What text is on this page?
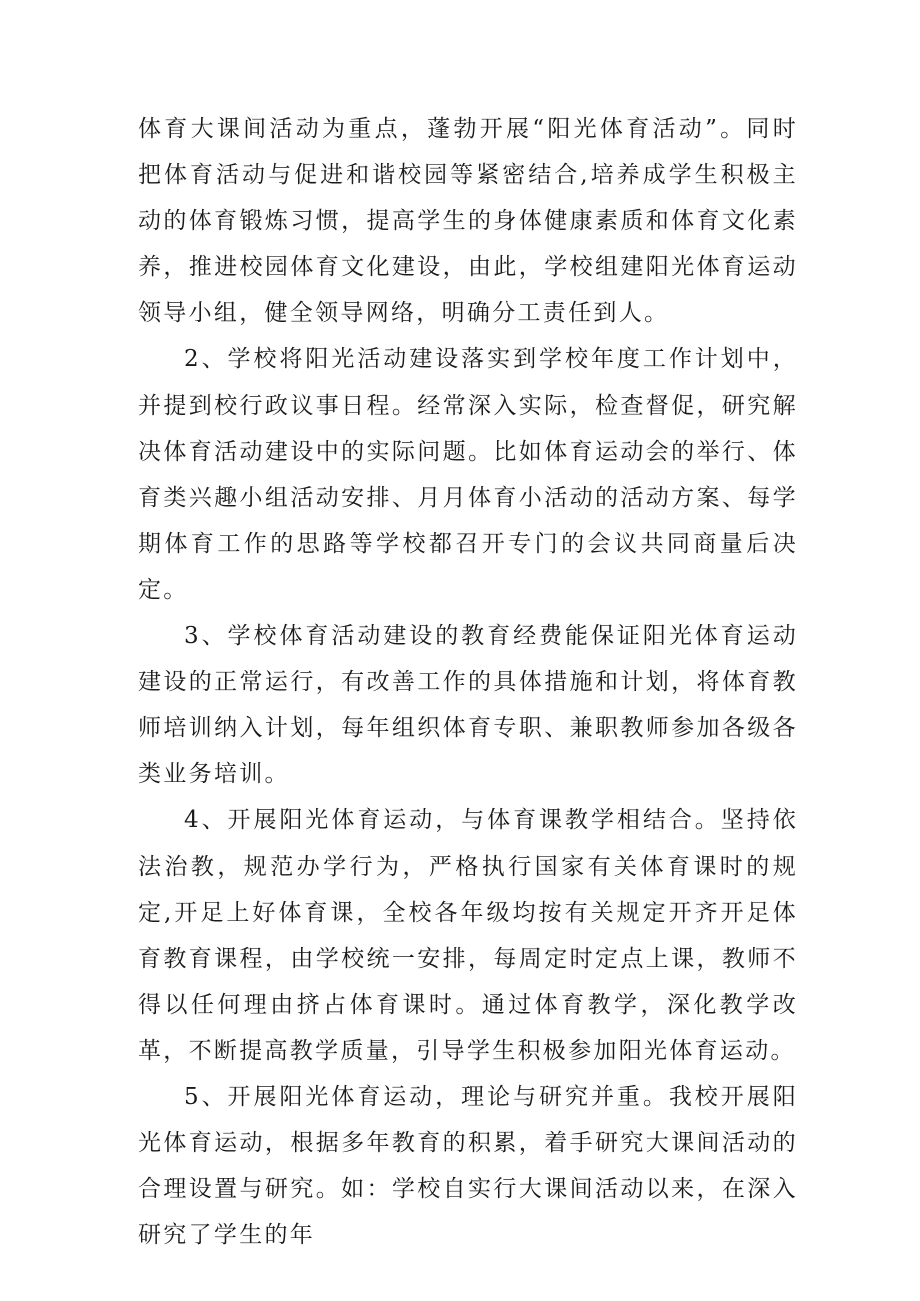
体育大课间活动为重点，蓬勃开展“阳光体育活动”。同时把体育活动与促进和谐校园等紧密结合,培养成学生积极主动的体育锻炼习惯，提高学生的身体健康素质和体育文化素养，推进校园体育文化建设，由此，学校组建阳光体育运动领导小组，健全领导网络，明确分工责任到人。

2、学校将阳光活动建设落实到学校年度工作计划中，并提到校行政议事日程。经常深入实际，检查督促，研究解决体育活动建设中的实际问题。比如体育运动会的举行、体育类兴趣小组活动安排、月月体育小活动的活动方案、每学期体育工作的思路等学校都召开专门的会议共同商量后决定。

3、学校体育活动建设的教育经费能保证阳光体育运动建设的正常运行，有改善工作的具体措施和计划，将体育教师培训纳入计划，每年组织体育专职、兼职教师参加各级各类业务培训。

4、开展阳光体育运动，与体育课教学相结合。坚持依法治教，规范办学行为，严格执行国家有关体育课时的规定,开足上好体育课，全校各年级均按有关规定开齐开足体育教育课程，由学校统一安排，每周定时定点上课，教师不得以任何理由挤占体育课时。通过体育教学，深化教学改革，不断提高教学质量，引导学生积极参加阳光体育运动。

5、开展阳光体育运动，理论与研究并重。我校开展阳光体育运动，根据多年教育的积累，着手研究大课间活动的合理设置与研究。如：学校自实行大课间活动以来，在深入研究了学生的年
